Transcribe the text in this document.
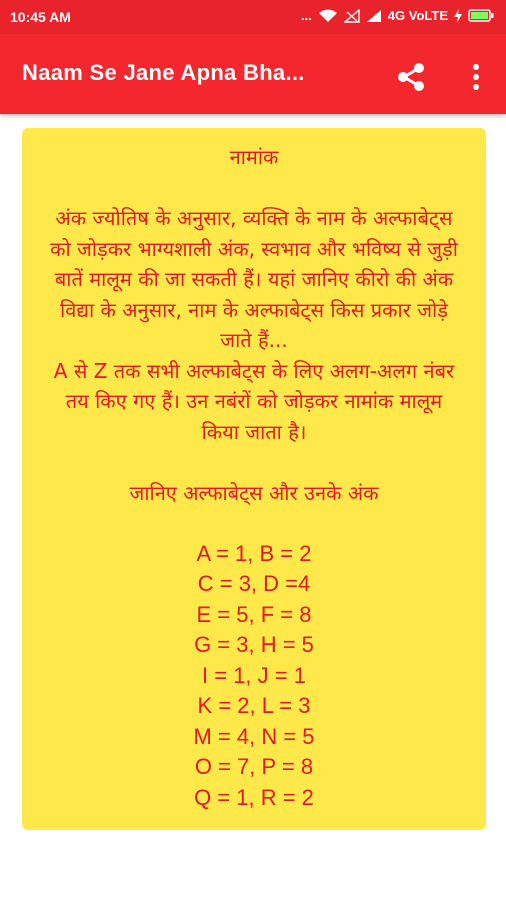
10:45 AM	...	4G VoLTE
Naam Se Jane Apna Bha...

नामांक

अंक ज्योतिष के अनुसार, व्यक्ति के नाम के अल्फाबेट्स को जोड़कर भाग्यशाली अंक, स्वभाव और भविष्य से जुड़ी बातें मालूम की जा सकती हैं। यहां जानिए कीरो की अंक विद्या के अनुसार, नाम के अल्फाबेट्स किस प्रकार जोड़े जाते हैं...

A से Z तक सभी अल्फाबेट्स के लिए अलग-अलग नंबर तय किए गए हैं। उन नबंरों को जोड़कर नामांक मालूम किया जाता है।

जानिए अल्फाबेट्स और उनके अंक

A = 1, B = 2

C = 3, D =4

E = 5, F = 8

G = 3, H = 5

I = 1, J = 1

K = 2, L = 3

M = 4, N = 5

O = 7, P = 8

Q = 1, R = 2
